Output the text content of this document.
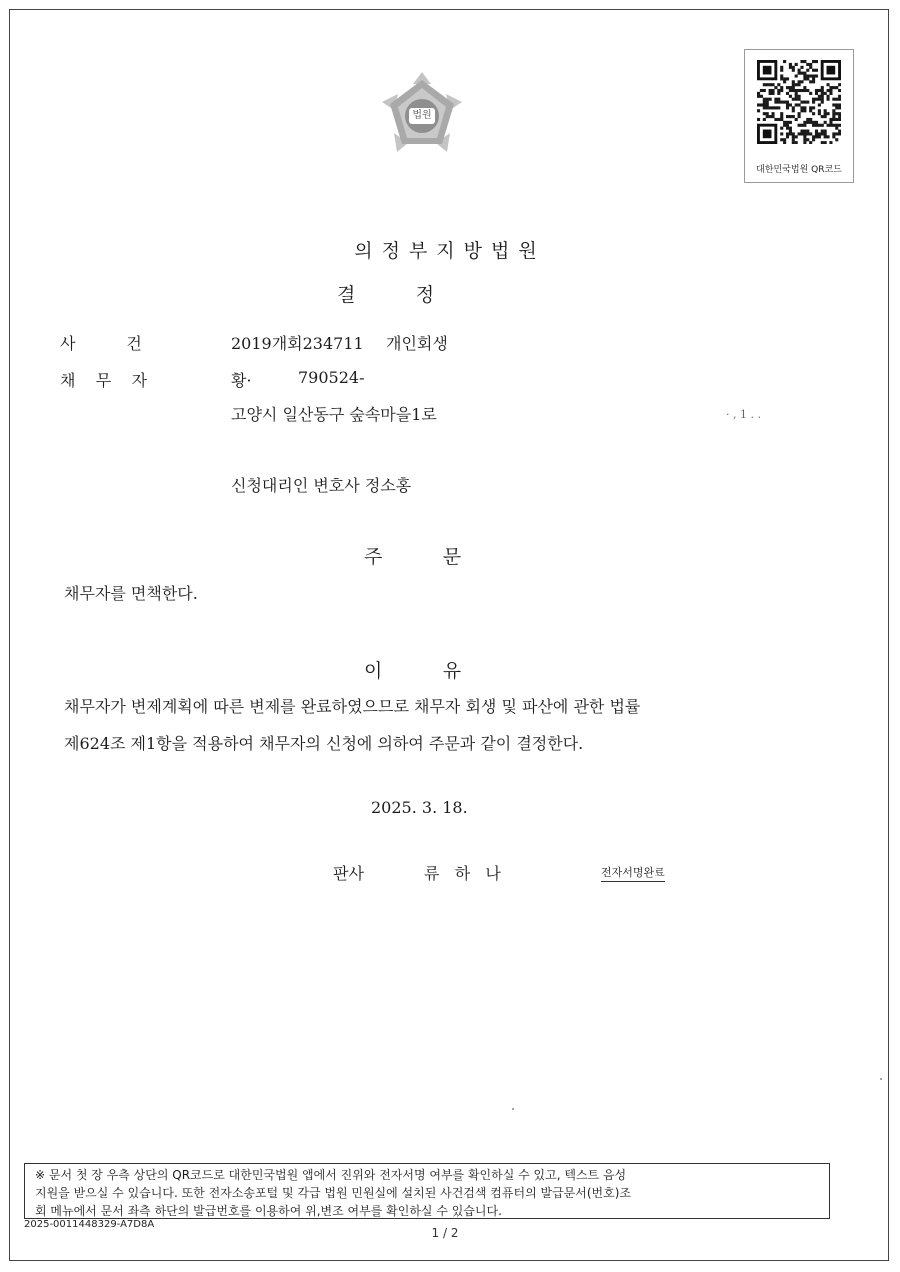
법원
대한민국법원 QR코드
의정부지방법원
결          정
사          건	2019개회234711 개인회생
채    무    자	황·	790524-
고양시 일산동구 숲속마을1로	· , 1 . .
신청대리인 변호사 정소홍
주          문
채무자를 면책한다.
이          유
채무자가 변제계획에 따른 변제를 완료하였으므로 채무자 회생 및 파산에 관한 법률
제624조 제1항을 적용하여 채무자의 신청에 의하여 주문과 같이 결정한다.
2025. 3. 18.
판사	류   하   나	전자서명완료
※ 문서 첫 장 우측 상단의 QR코드로 대한민국법원 앱에서 진위와 전자서명 여부를 확인하실 수 있고, 텍스트 음성
지원을 받으실 수 있습니다. 또한 전자소송포털 및 각급 법원 민원실에 설치된 사건검색 컴퓨터의 발급문서(번호)조
회 메뉴에서 문서 좌측 하단의 발급번호를 이용하여 위,변조 여부를 확인하실 수 있습니다.
2025-0011448329-A7D8A
1 / 2
